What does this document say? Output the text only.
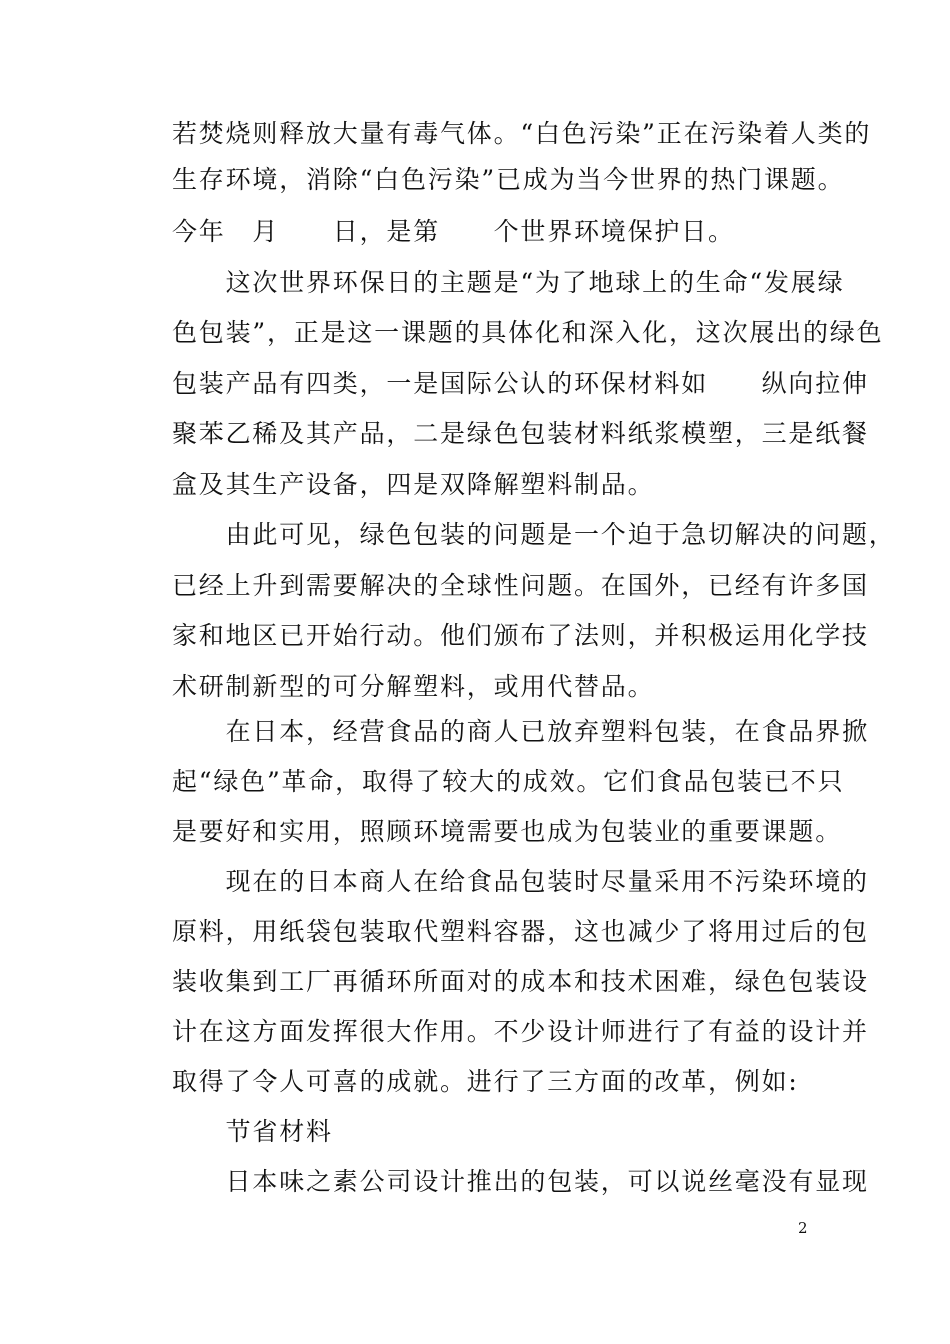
若焚烧则释放大量有毒气体。“白色污染”正在污染着人类的
生存环境，消除“白色污染”已成为当今世界的热门课题。
今年　月　　日，是第　　个世界环境保护日。
　　这次世界环保日的主题是“为了地球上的生命“发展绿
色包装”，正是这一课题的具体化和深入化，这次展出的绿色
包装产品有四类，一是国际公认的环保材料如　　纵向拉伸
聚苯乙稀及其产品，二是绿色包装材料纸浆模塑，三是纸餐
盒及其生产设备，四是双降解塑料制品。
　　由此可见，绿色包装的问题是一个迫于急切解决的问题，
已经上升到需要解决的全球性问题。在国外，已经有许多国
家和地区已开始行动。他们颁布了法则，并积极运用化学技
术研制新型的可分解塑料，或用代替品。
　　在日本，经营食品的商人已放弃塑料包装，在食品界掀
起“绿色”革命，取得了较大的成效。它们食品包装已不只
是要好和实用，照顾环境需要也成为包装业的重要课题。
　　现在的日本商人在给食品包装时尽量采用不污染环境的
原料，用纸袋包装取代塑料容器，这也减少了将用过后的包
装收集到工厂再循环所面对的成本和技术困难，绿色包装设
计在这方面发挥很大作用。不少设计师进行了有益的设计并
取得了令人可喜的成就。进行了三方面的改革，例如:
　　节省材料
　　日本味之素公司设计推出的包装，可以说丝毫没有显现
2
